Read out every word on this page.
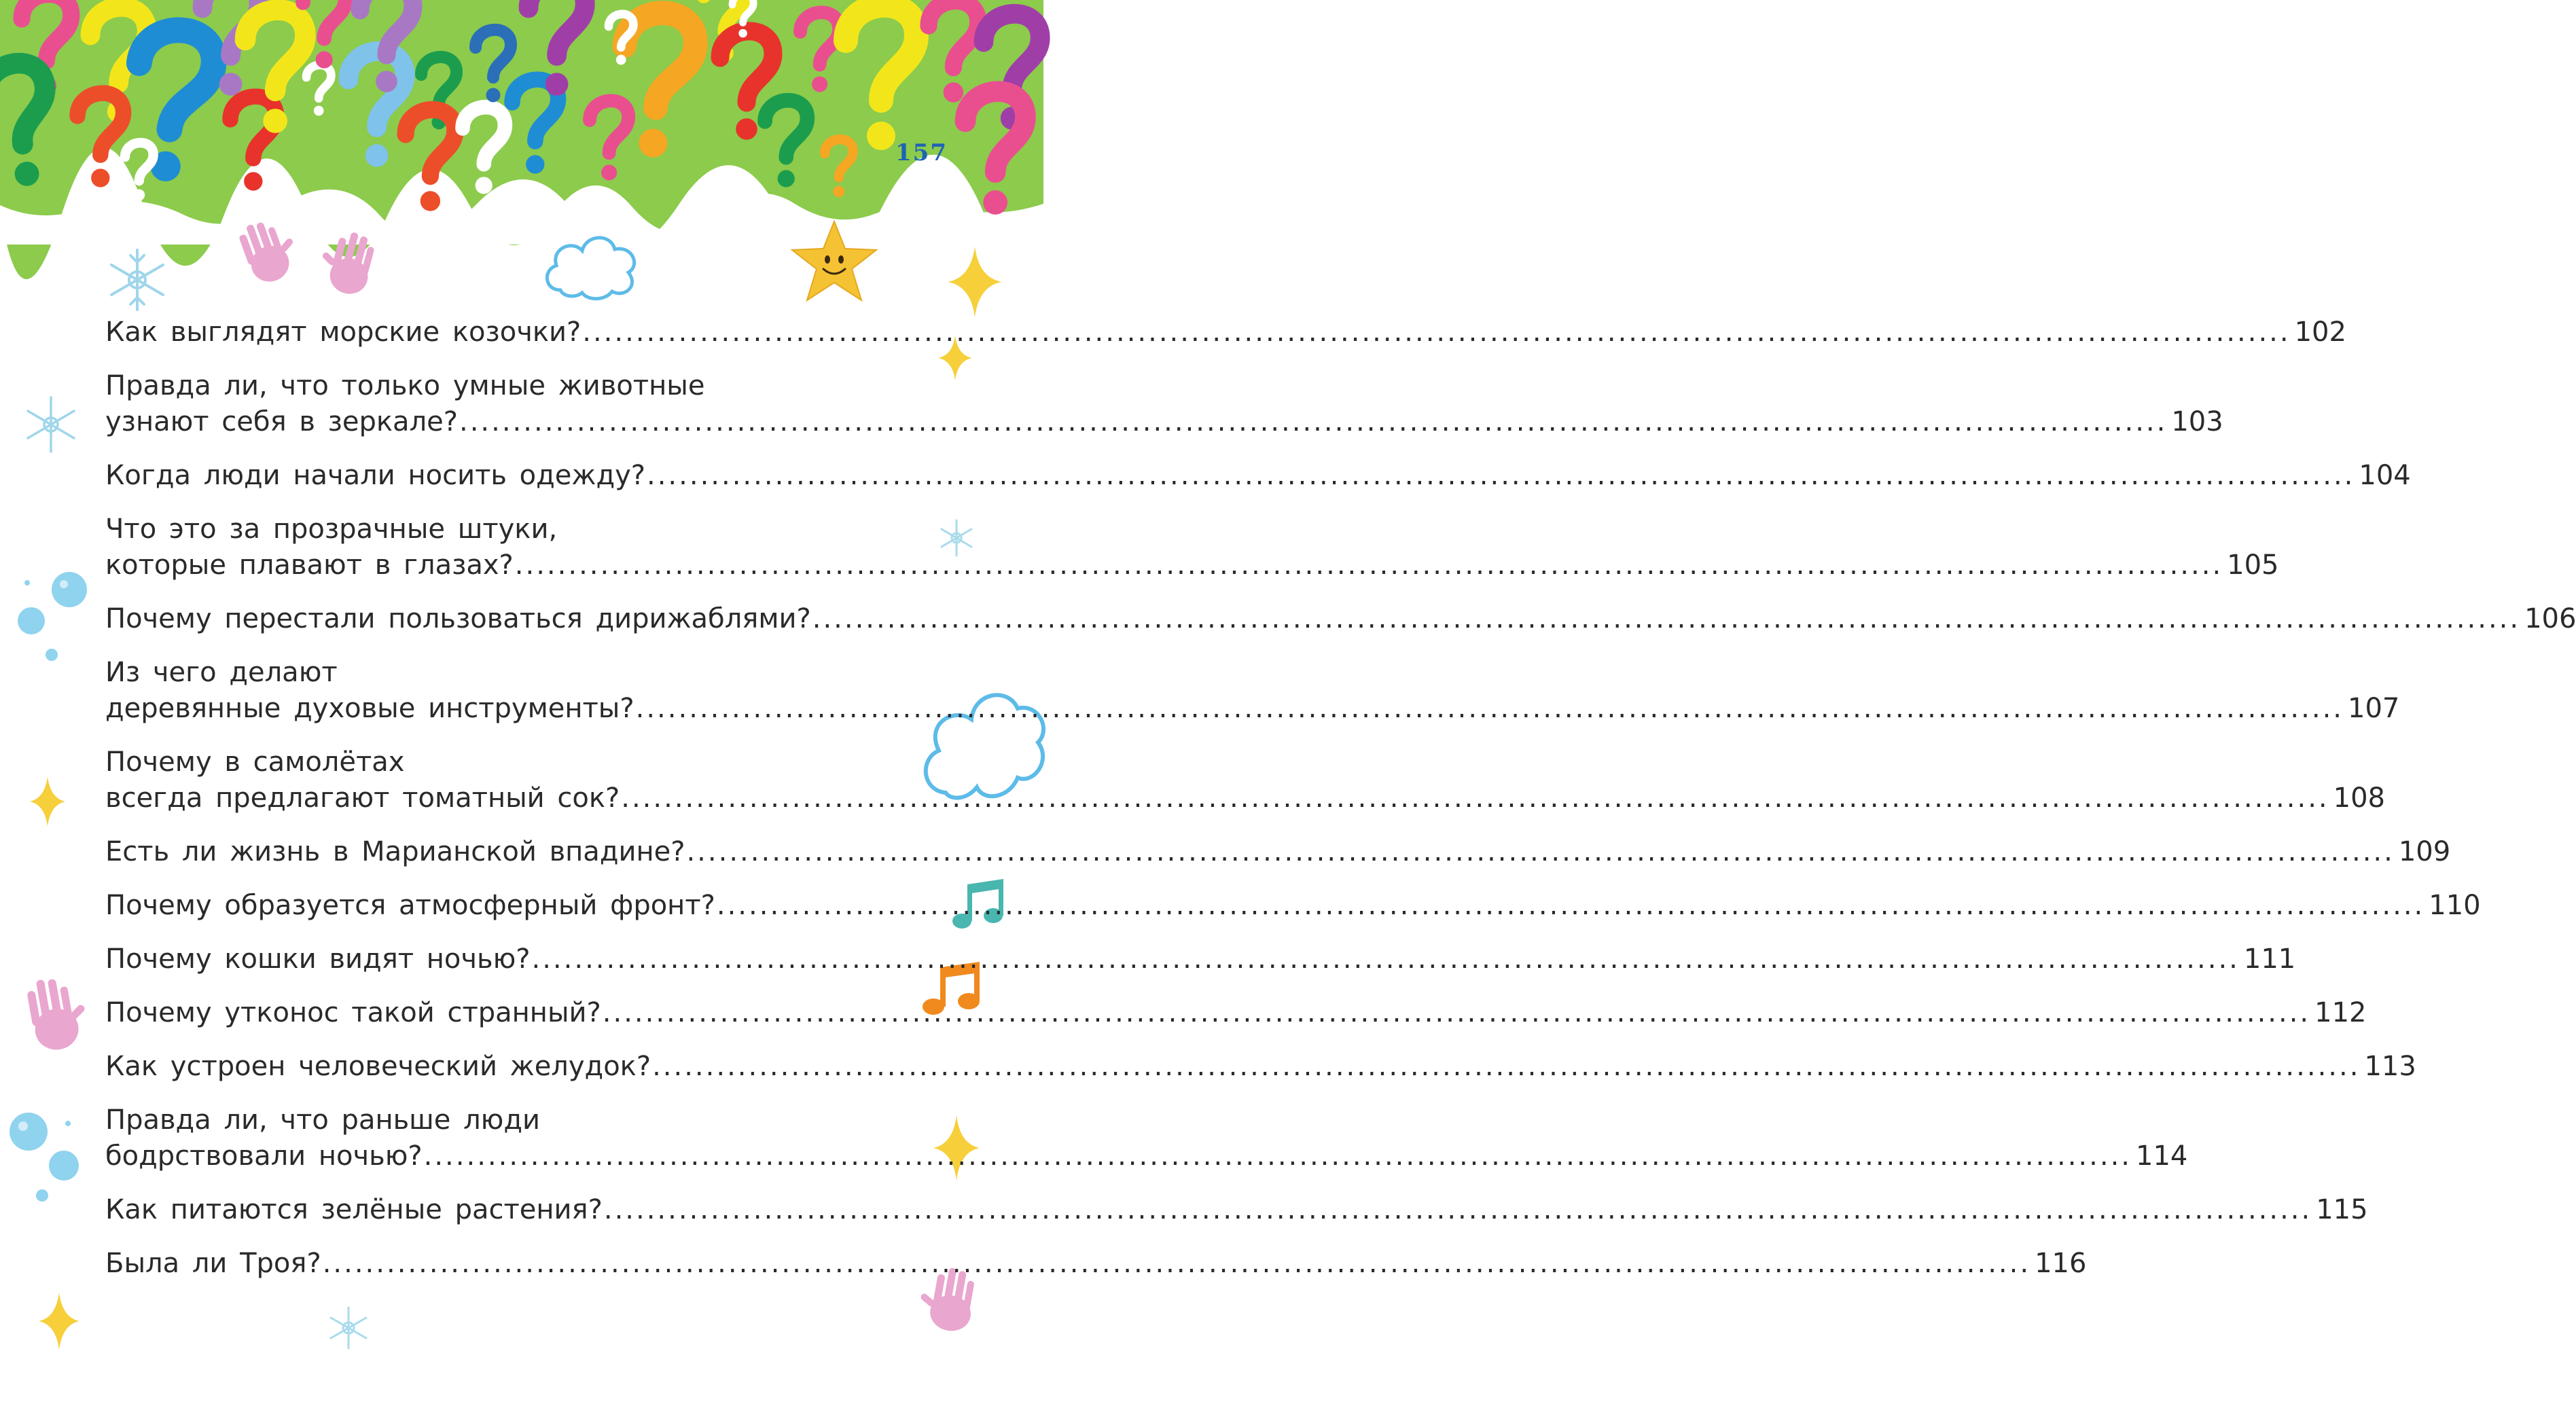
157
Как выглядят морские козочки? ................................................................................................................................................................ 102
Правда ли, что только умные животные
узнают себя в зеркале? ................................................................................................................................................................ 103
Когда люди начали носить одежду? ................................................................................................................................................................ 104
Что это за прозрачные штуки,
которые плавают в глазах? ................................................................................................................................................................ 105
Почему перестали пользоваться дирижаблями? ................................................................................................................................................................ 106
Из чего делают
деревянные духовые инструменты? ................................................................................................................................................................ 107
Почему в самолётах
всегда предлагают томатный сок? ................................................................................................................................................................ 108
Есть ли жизнь в Марианской впадине? ................................................................................................................................................................ 109
Почему образуется атмосферный фронт? ................................................................................................................................................................ 110
Почему кошки видят ночью? ................................................................................................................................................................ 111
Почему утконос такой странный? ................................................................................................................................................................ 112
Как устроен человеческий желудок? ................................................................................................................................................................ 113
Правда ли, что раньше люди
бодрствовали ночью? ................................................................................................................................................................ 114
Как питаются зелёные растения? ................................................................................................................................................................ 115
Была ли Троя? ................................................................................................................................................................ 116
